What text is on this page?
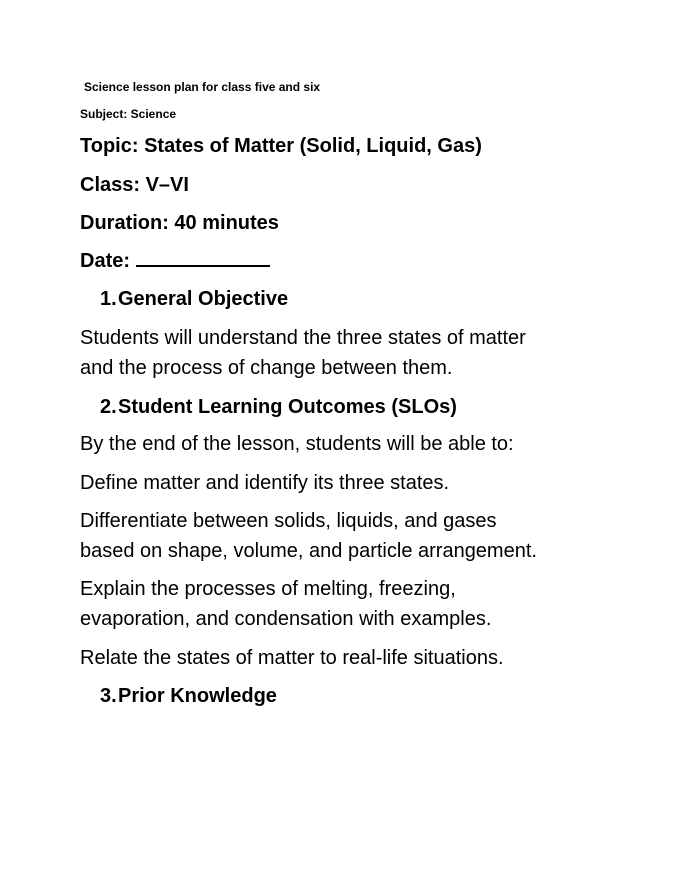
Science lesson plan for class five and six
Subject: Science
Topic: States of Matter (Solid, Liquid, Gas)
Class: V–VI
Duration: 40 minutes
Date:
1.General Objective
Students will understand the three states of matter
and the process of change between them.
2.Student Learning Outcomes (SLOs)
By the end of the lesson, students will be able to:
Define matter and identify its three states.
Differentiate between solids, liquids, and gases
based on shape, volume, and particle arrangement.
Explain the processes of melting, freezing,
evaporation, and condensation with examples.
Relate the states of matter to real-life situations.
3.Prior Knowledge
